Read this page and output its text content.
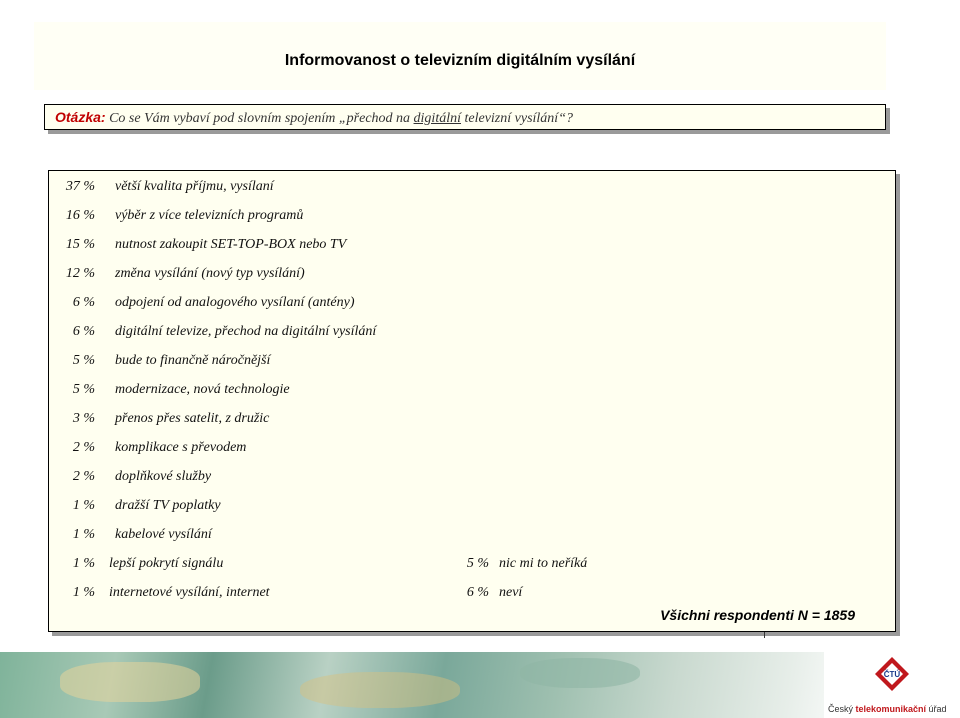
Informovanost o televizním digitálním vysílání
Otázka: Co se Vám vybaví pod slovním spojením „přechod na digitální televizní vysílání“?
37 % větší kvalita příjmu, vysílaní
16 % výběr z více televizních programů
15 % nutnost zakoupit SET-TOP-BOX nebo TV
12 % změna vysílání (nový typ vysílání)
6 % odpojení od analogového vysílaní (antény)
6 % digitální televize, přechod na digitální vysílání
5 % bude to finančně náročnější
5 % modernizace, nová technologie
3 % přenos přes satelit, z družic
2 % komplikace s převodem
2 % doplňkové služby
1 % dražší TV poplatky
1 % kabelové vysílání
1 % lepší pokrytí signálu
1 % internetové vysílání, internet
5 % nic mi to neříká
6 % neví
Všichni respondenti N = 1859
ČTÚ
Český telekomunikační úřad
